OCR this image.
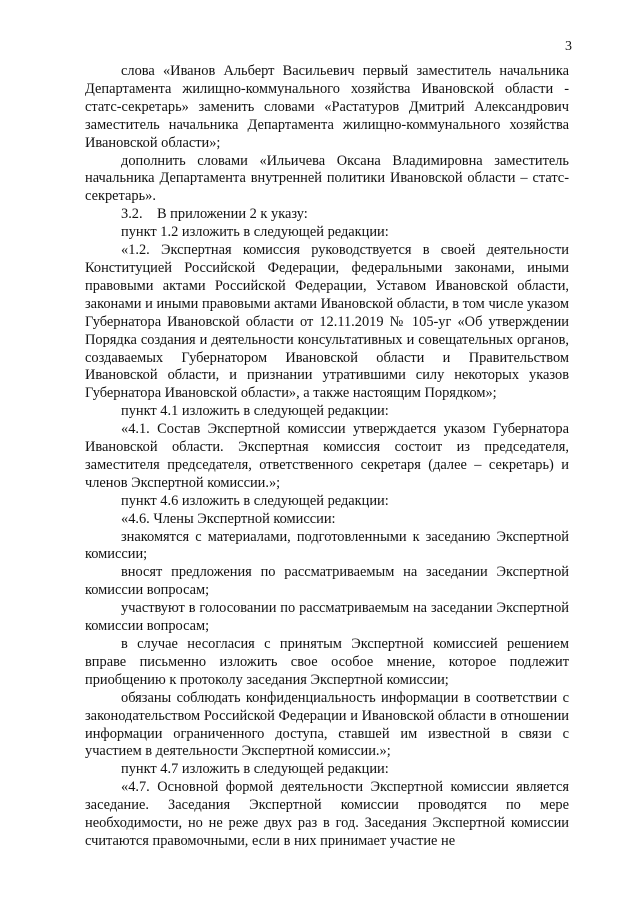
3

слова «Иванов Альберт Васильевич первый заместитель начальника Департамента жилищно-коммунального хозяйства Ивановской области - статс-секретарь» заменить словами «Растатуров Дмитрий Александрович заместитель начальника Департамента жилищно-коммунального хозяйства Ивановской области»;

дополнить словами «Ильичева Оксана Владимировна заместитель начальника Департамента внутренней политики Ивановской области – статс-секретарь».

3.2.    В приложении 2 к указу:

пункт 1.2 изложить в следующей редакции:

«1.2. Экспертная комиссия руководствуется в своей деятельности Конституцией Российской Федерации, федеральными законами, иными правовыми актами Российской Федерации, Уставом Ивановской области, законами и иными правовыми актами Ивановской области, в том числе указом Губернатора Ивановской области от 12.11.2019 № 105-уг «Об утверждении Порядка создания и деятельности консультативных и совещательных органов, создаваемых Губернатором Ивановской области и Правительством Ивановской области, и признании утратившими силу некоторых указов Губернатора Ивановской области», а также настоящим Порядком»;

пункт 4.1 изложить в следующей редакции:

«4.1. Состав Экспертной комиссии утверждается указом Губернатора Ивановской области. Экспертная комиссия состоит из председателя, заместителя председателя, ответственного секретаря (далее – секретарь) и членов Экспертной комиссии.»;

пункт 4.6 изложить в следующей редакции:

«4.6. Члены Экспертной комиссии:

знакомятся с материалами, подготовленными к заседанию Экспертной комиссии;

вносят предложения по рассматриваемым на заседании Экспертной комиссии вопросам;

участвуют в голосовании по рассматриваемым на заседании Экспертной комиссии вопросам;

в случае несогласия с принятым Экспертной комиссией решением вправе письменно изложить свое особое мнение, которое подлежит приобщению к протоколу заседания Экспертной комиссии;

обязаны соблюдать конфиденциальность информации в соответствии с законодательством Российской Федерации и Ивановской области в отношении информации ограниченного доступа, ставшей им известной в связи с участием в деятельности Экспертной комиссии.»;

пункт 4.7 изложить в следующей редакции:

«4.7. Основной формой деятельности Экспертной комиссии является заседание. Заседания Экспертной комиссии проводятся по мере необходимости, но не реже двух раз в год. Заседания Экспертной комиссии считаются правомочными, если в них принимает участие не
